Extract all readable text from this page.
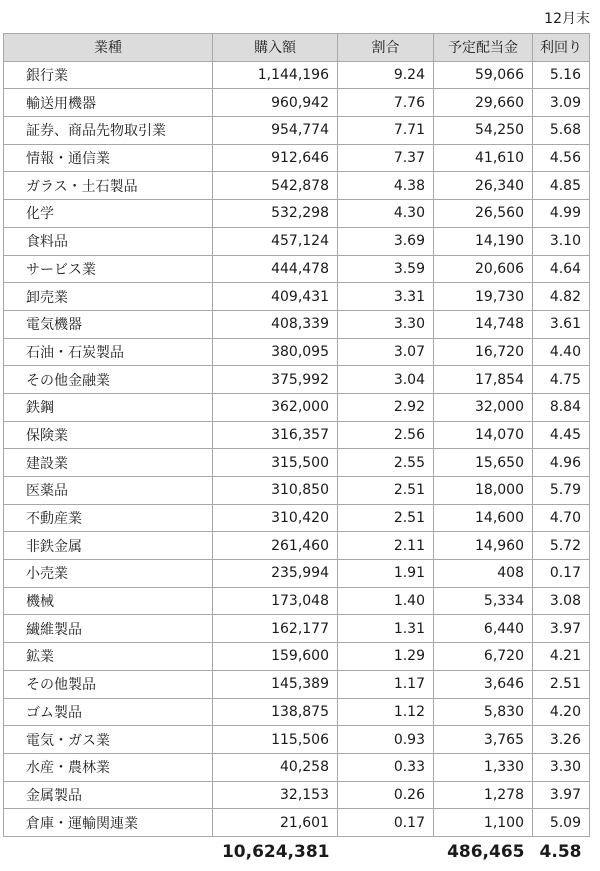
12月末
業種	購入額	割合	予定配当金	利回り
銀行業	1,144,196	9.24	59,066	5.16
輸送用機器	960,942	7.76	29,660	3.09
証券、商品先物取引業	954,774	7.71	54,250	5.68
情報・通信業	912,646	7.37	41,610	4.56
ガラス・土石製品	542,878	4.38	26,340	4.85
化学	532,298	4.30	26,560	4.99
食料品	457,124	3.69	14,190	3.10
サービス業	444,478	3.59	20,606	4.64
卸売業	409,431	3.31	19,730	4.82
電気機器	408,339	3.30	14,748	3.61
石油・石炭製品	380,095	3.07	16,720	4.40
その他金融業	375,992	3.04	17,854	4.75
鉄鋼	362,000	2.92	32,000	8.84
保険業	316,357	2.56	14,070	4.45
建設業	315,500	2.55	15,650	4.96
医薬品	310,850	2.51	18,000	5.79
不動産業	310,420	2.51	14,600	4.70
非鉄金属	261,460	2.11	14,960	5.72
小売業	235,994	1.91	408	0.17
機械	173,048	1.40	5,334	3.08
繊維製品	162,177	1.31	6,440	3.97
鉱業	159,600	1.29	6,720	4.21
その他製品	145,389	1.17	3,646	2.51
ゴム製品	138,875	1.12	5,830	4.20
電気・ガス業	115,506	0.93	3,765	3.26
水産・農林業	40,258	0.33	1,330	3.30
金属製品	32,153	0.26	1,278	3.97
倉庫・運輸関連業	21,601	0.17	1,100	5.09
	10,624,381		486,465	4.58
